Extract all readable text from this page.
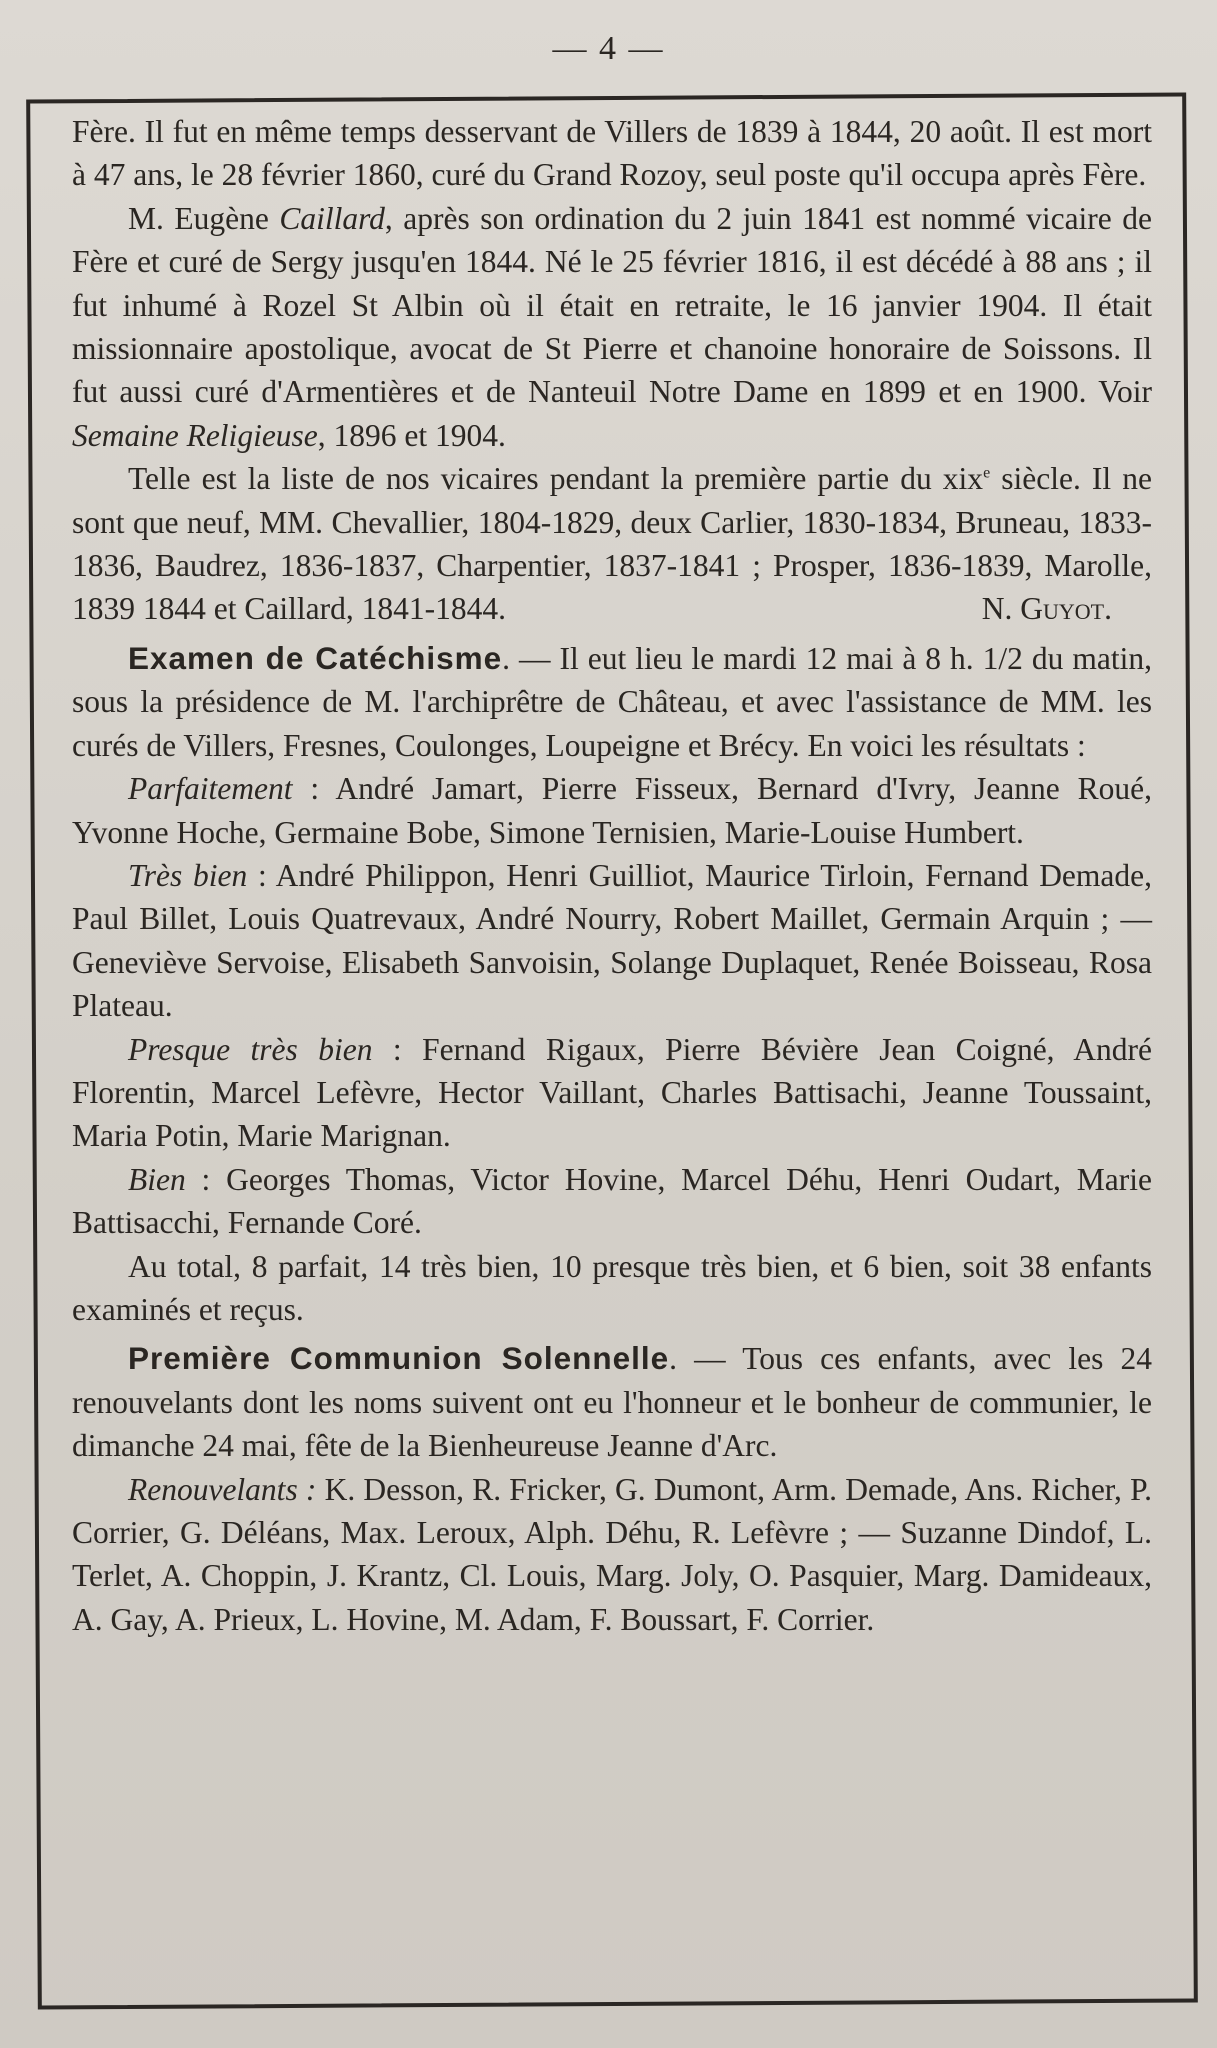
— 4 —

Fère. Il fut en même temps desservant de Villers de 1839 à 1844, 20 août. Il est mort à 47 ans, le 28 février 1860, curé du Grand Rozoy, seul poste qu'il occupa après Fère.

M. Eugène Caillard, après son ordination du 2 juin 1841 est nommé vicaire de Fère et curé de Sergy jusqu'en 1844. Né le 25 février 1816, il est décédé à 88 ans ; il fut inhumé à Rozel St Albin où il était en retraite, le 16 janvier 1904. Il était missionnaire apostolique, avocat de St Pierre et chanoine honoraire de Soissons. Il fut aussi curé d'Armentières et de Nanteuil Notre Dame en 1899 et en 1900. Voir Semaine Religieuse, 1896 et 1904.

Telle est la liste de nos vicaires pendant la première partie du xix$^e$ siècle. Il ne sont que neuf, MM. Chevallier, 1804-1829, deux Carlier, 1830-1834, Bruneau, 1833-1836, Baudrez, 1836-1837, Charpentier, 1837-1841 ; Prosper, 1836-1839, Marolle, 1839 1844 et Caillard, 1841-1844.	N. Guyot.

Examen de Catéchisme. — Il eut lieu le mardi 12 mai à 8 h. 1/2 du matin, sous la présidence de M. l'archiprêtre de Château, et avec l'assistance de MM. les curés de Villers, Fresnes, Coulonges, Loupeigne et Brécy. En voici les résultats :

Parfaitement : André Jamart, Pierre Fisseux, Bernard d'Ivry, Jeanne Roué, Yvonne Hoche, Germaine Bobe, Simone Ternisien, Marie-Louise Humbert.

Très bien : André Philippon, Henri Guilliot, Maurice Tirloin, Fernand Demade, Paul Billet, Louis Quatrevaux, André Nourry, Robert Maillet, Germain Arquin ; — Geneviève Servoise, Elisabeth Sanvoisin, Solange Duplaquet, Renée Boisseau, Rosa Plateau.

Presque très bien : Fernand Rigaux, Pierre Bévière Jean Coigné, André Florentin, Marcel Lefèvre, Hector Vaillant, Charles Battisachi, Jeanne Toussaint, Maria Potin, Marie Marignan.

Bien : Georges Thomas, Victor Hovine, Marcel Déhu, Henri Oudart, Marie Battisacchi, Fernande Coré.

Au total, 8 parfait, 14 très bien, 10 presque très bien, et 6 bien, soit 38 enfants examinés et reçus.

Première Communion Solennelle. — Tous ces enfants, avec les 24 renouvelants dont les noms suivent ont eu l'honneur et le bonheur de communier, le dimanche 24 mai, fête de la Bienheureuse Jeanne d'Arc.

Renouvelants : K. Desson, R. Fricker, G. Dumont, Arm. Demade, Ans. Richer, P. Corrier, G. Déléans, Max. Leroux, Alph. Déhu, R. Lefèvre ; — Suzanne Dindof, L. Terlet, A. Choppin, J. Krantz, Cl. Louis, Marg. Joly, O. Pasquier, Marg. Damideaux, A. Gay, A. Prieux, L. Hovine, M. Adam, F. Boussart, F. Corrier.
